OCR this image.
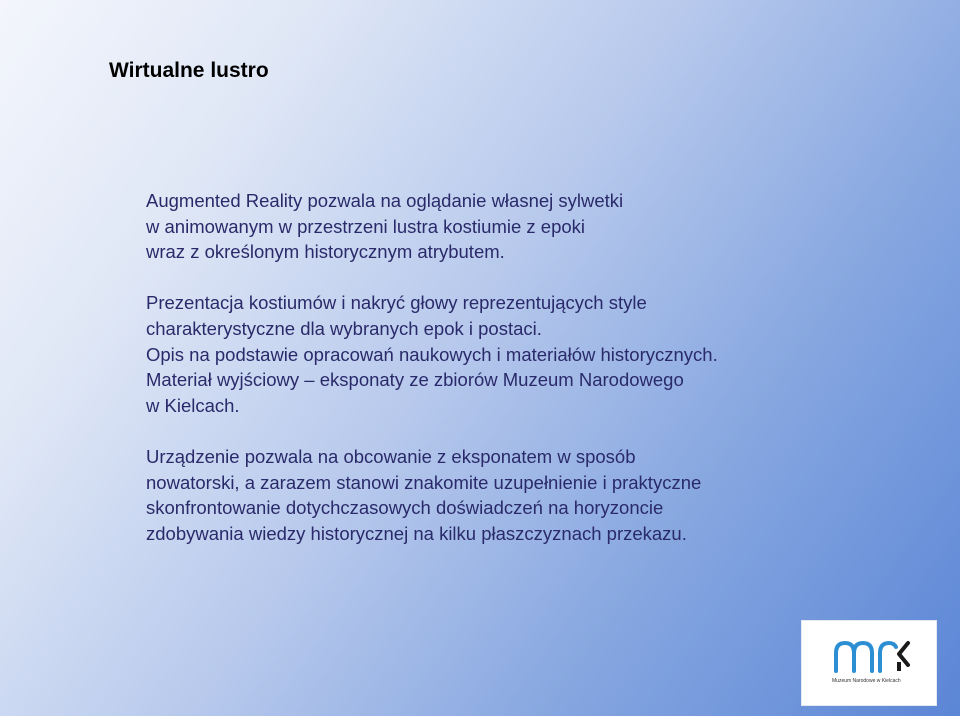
Wirtualne lustro

Augmented Reality pozwala na oglądanie własnej sylwetki
w animowanym w przestrzeni lustra kostiumie z epoki
wraz z określonym historycznym atrybutem.

Prezentacja kostiumów i nakryć głowy reprezentujących style
charakterystyczne dla wybranych epok i postaci.
Opis na podstawie opracowań naukowych i materiałów historycznych.
Materiał wyjściowy – eksponaty ze zbiorów Muzeum Narodowego
w Kielcach.

Urządzenie pozwala na obcowanie z eksponatem w sposób
nowatorski, a zarazem stanowi znakomite uzupełnienie i praktyczne
skonfrontowanie dotychczasowych doświadczeń na horyzoncie
zdobywania wiedzy historycznej na kilku płaszczyznach przekazu.

Muzeum Narodowe w Kielcach
